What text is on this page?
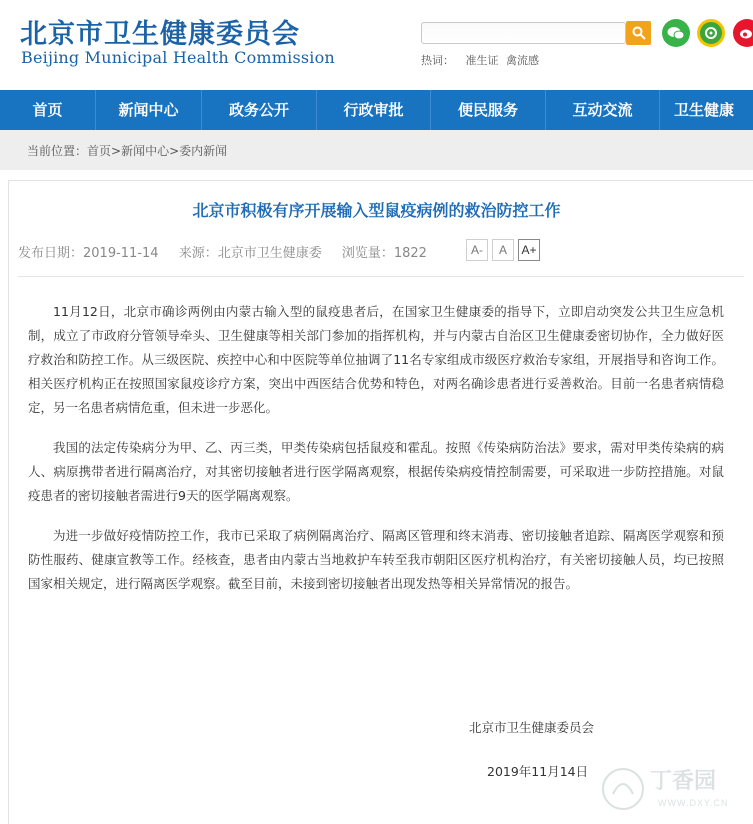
北京市卫生健康委员会
Beijing Municipal Health Commission	热词： 准生证 禽流感
首页	新闻中心	政务公开	行政审批	便民服务	互动交流	卫生健康
当前位置：首页>新闻中心>委内新闻
北京市积极有序开展输入型鼠疫病例的救治防控工作
发布日期：2019-11-14 来源：北京市卫生健康委 浏览量：1822	A-	A	A+

11月12日，北京市确诊两例由内蒙古输入型的鼠疫患者后，在国家卫生健康委的指导下，立即启动突发公共卫生应急机制，成立了市政府分管领导牵头、卫生健康等相关部门参加的指挥机构，并与内蒙古自治区卫生健康委密切协作，全力做好医疗救治和防控工作。从三级医院、疾控中心和中医院等单位抽调了11名专家组成市级医疗救治专家组，开展指导和咨询工作。相关医疗机构正在按照国家鼠疫诊疗方案，突出中西医结合优势和特色，对两名确诊患者进行妥善救治。目前一名患者病情稳定，另一名患者病情危重，但未进一步恶化。

我国的法定传染病分为甲、乙、丙三类，甲类传染病包括鼠疫和霍乱。按照《传染病防治法》要求，需对甲类传染病的病人、病原携带者进行隔离治疗，对其密切接触者进行医学隔离观察，根据传染病疫情控制需要，可采取进一步防控措施。对鼠疫患者的密切接触者需进行9天的医学隔离观察。

为进一步做好疫情防控工作，我市已采取了病例隔离治疗、隔离区管理和终末消毒、密切接触者追踪、隔离医学观察和预防性服药、健康宣教等工作。经核查，患者由内蒙古当地救护车转至我市朝阳区医疗机构治疗，有关密切接触人员，均已按照国家相关规定，进行隔离医学观察。截至目前，未接到密切接触者出现发热等相关异常情况的报告。

北京市卫生健康委员会
2019年11月14日	丁香园
WWW.DXY.CN
